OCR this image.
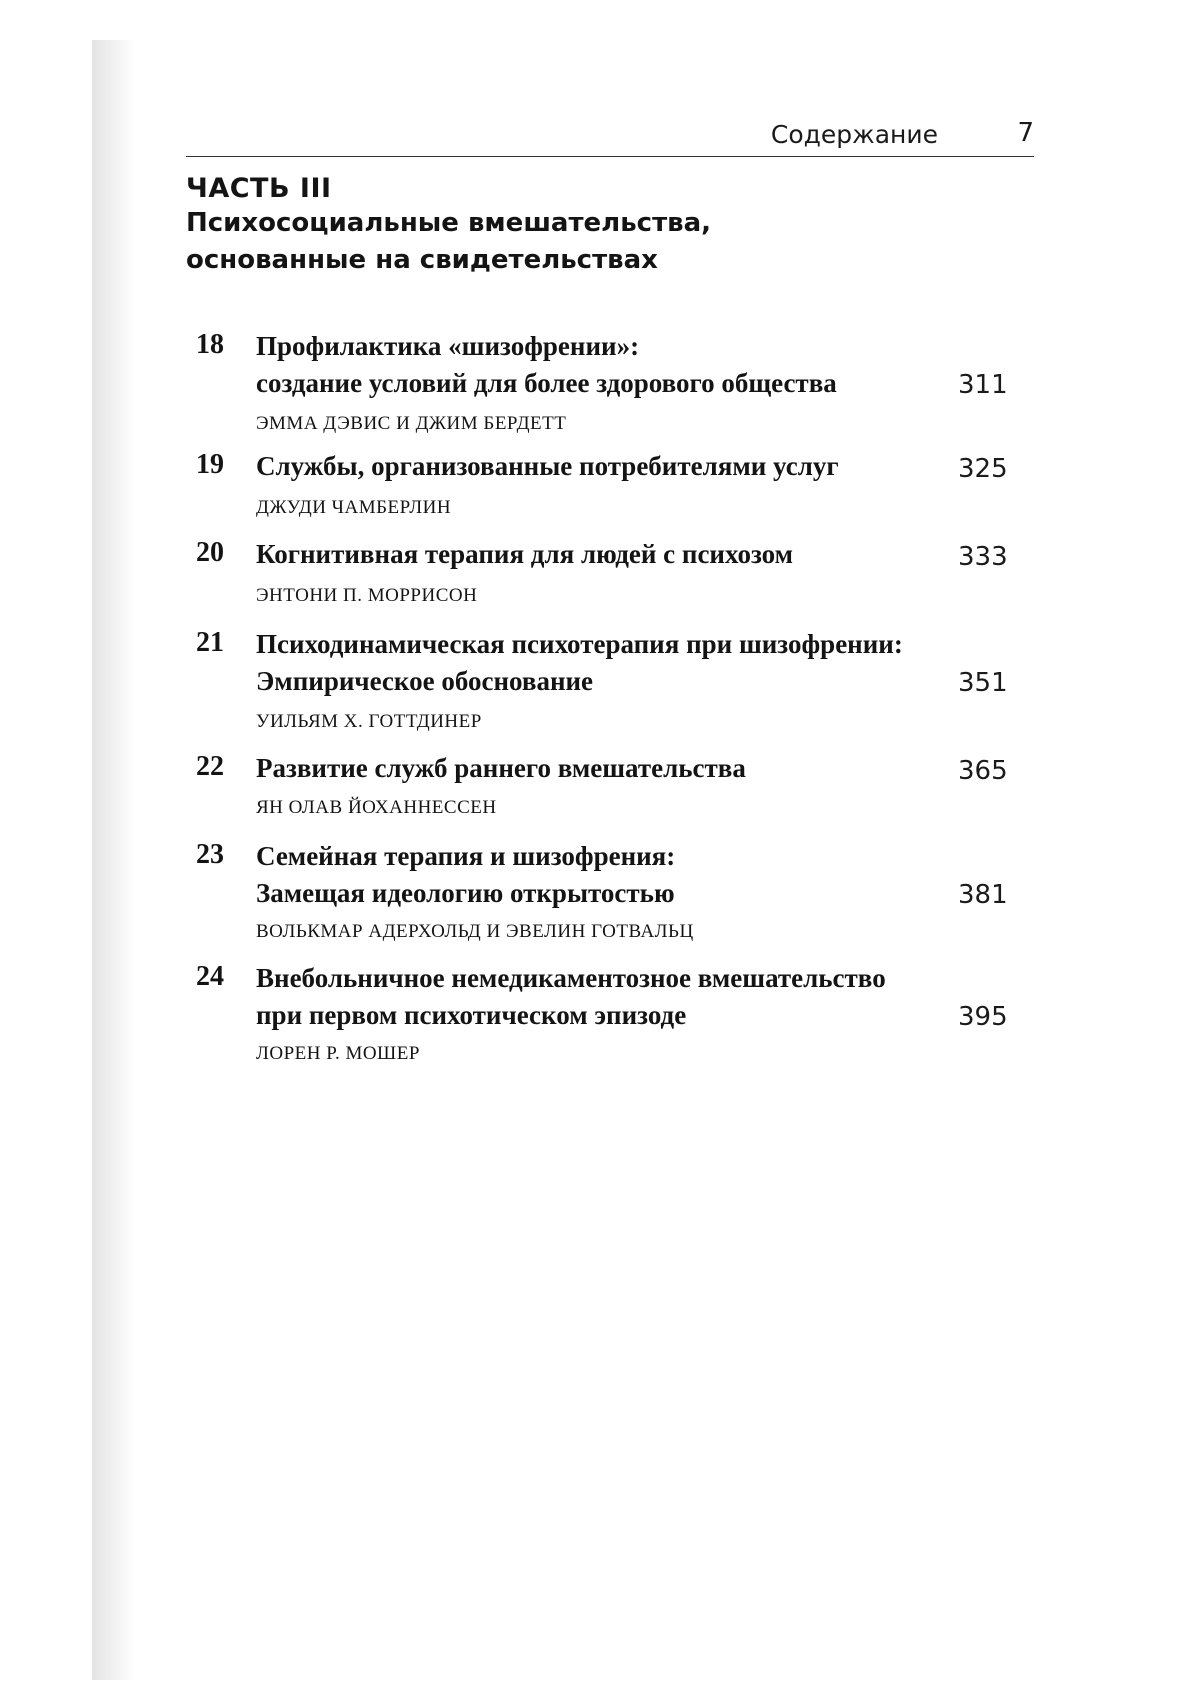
Содержание	7
ЧАСТЬ III
Психосоциальные вмешательства,
основанные на свидетельствах
18	Профилактика «шизофрении»:
создание условий для более здорового общества	311
ЭММА ДЭВИС И ДЖИМ БЕРДЕТТ
19	Службы, организованные потребителями услуг	325
ДЖУДИ ЧАМБЕРЛИН
20	Когнитивная терапия для людей с психозом	333
ЭНТОНИ П. МОРРИСОН
21	Психодинамическая психотерапия при шизофрении:
Эмпирическое обоснование	351
УИЛЬЯМ Х. ГОТТДИНЕР
22	Развитие служб раннего вмешательства	365
ЯН ОЛАВ ЙОХАННЕССЕН
23	Семейная терапия и шизофрения:
Замещая идеологию открытостью	381
ВОЛЬКМАР АДЕРХОЛЬД И ЭВЕЛИН ГОТВАЛЬЦ
24	Внебольничное немедикаментозное вмешательство
при первом психотическом эпизоде	395
ЛОРЕН Р. МОШЕР
